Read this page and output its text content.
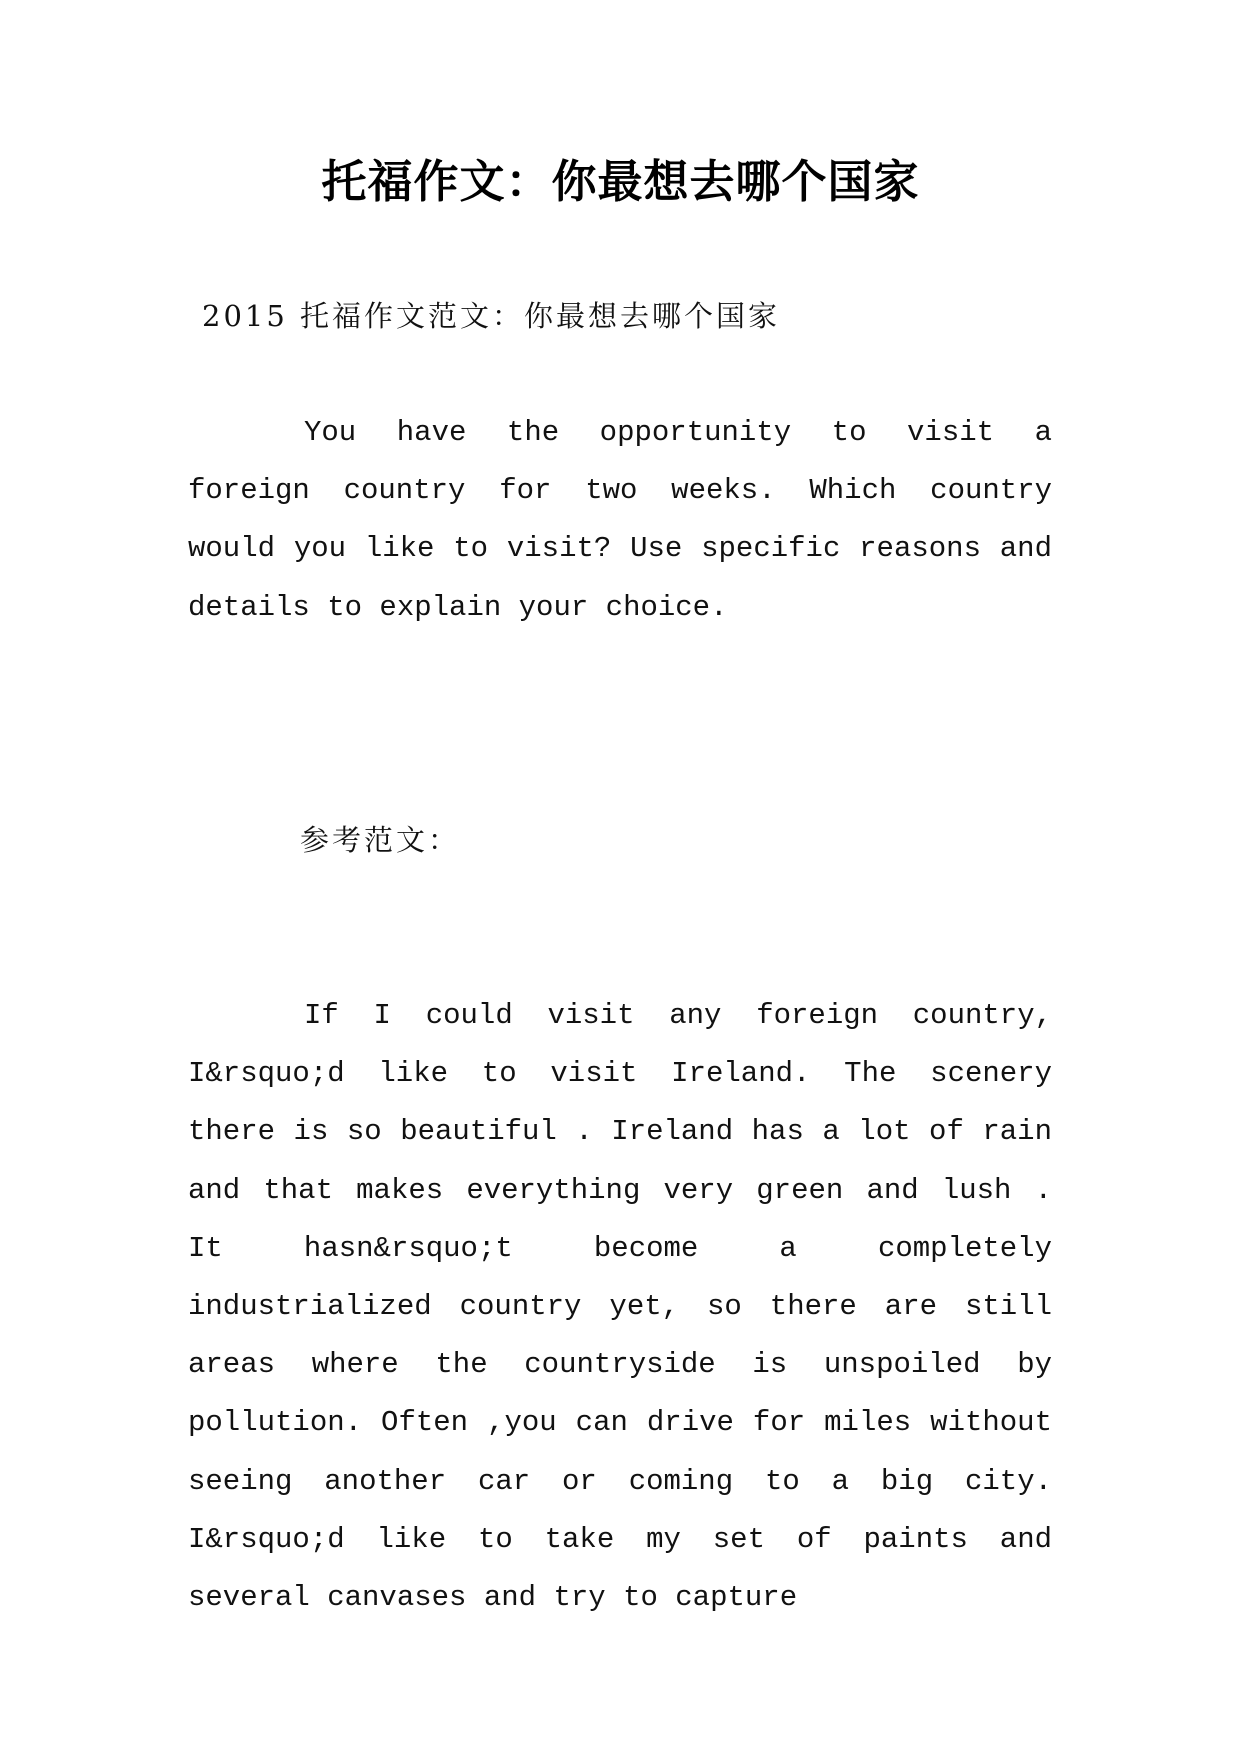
托福作文：你最想去哪个国家
2015 托福作文范文：你最想去哪个国家
You have the opportunity to visit a foreign country for two weeks. Which country would you like to visit? Use specific reasons and details to explain your choice.
参考范文：
If I could visit any foreign country, I&rsquo;d like to visit Ireland. The scenery there is so beautiful . Ireland has a lot of rain and that makes everything very green and lush . It hasn&rsquo;t become a completely industrialized country yet, so there are still areas where the countryside is unspoiled by pollution. Often ,you can drive for miles without seeing another car or coming to a big city. I&rsquo;d like to take my set of paints and several canvases and try to capture
